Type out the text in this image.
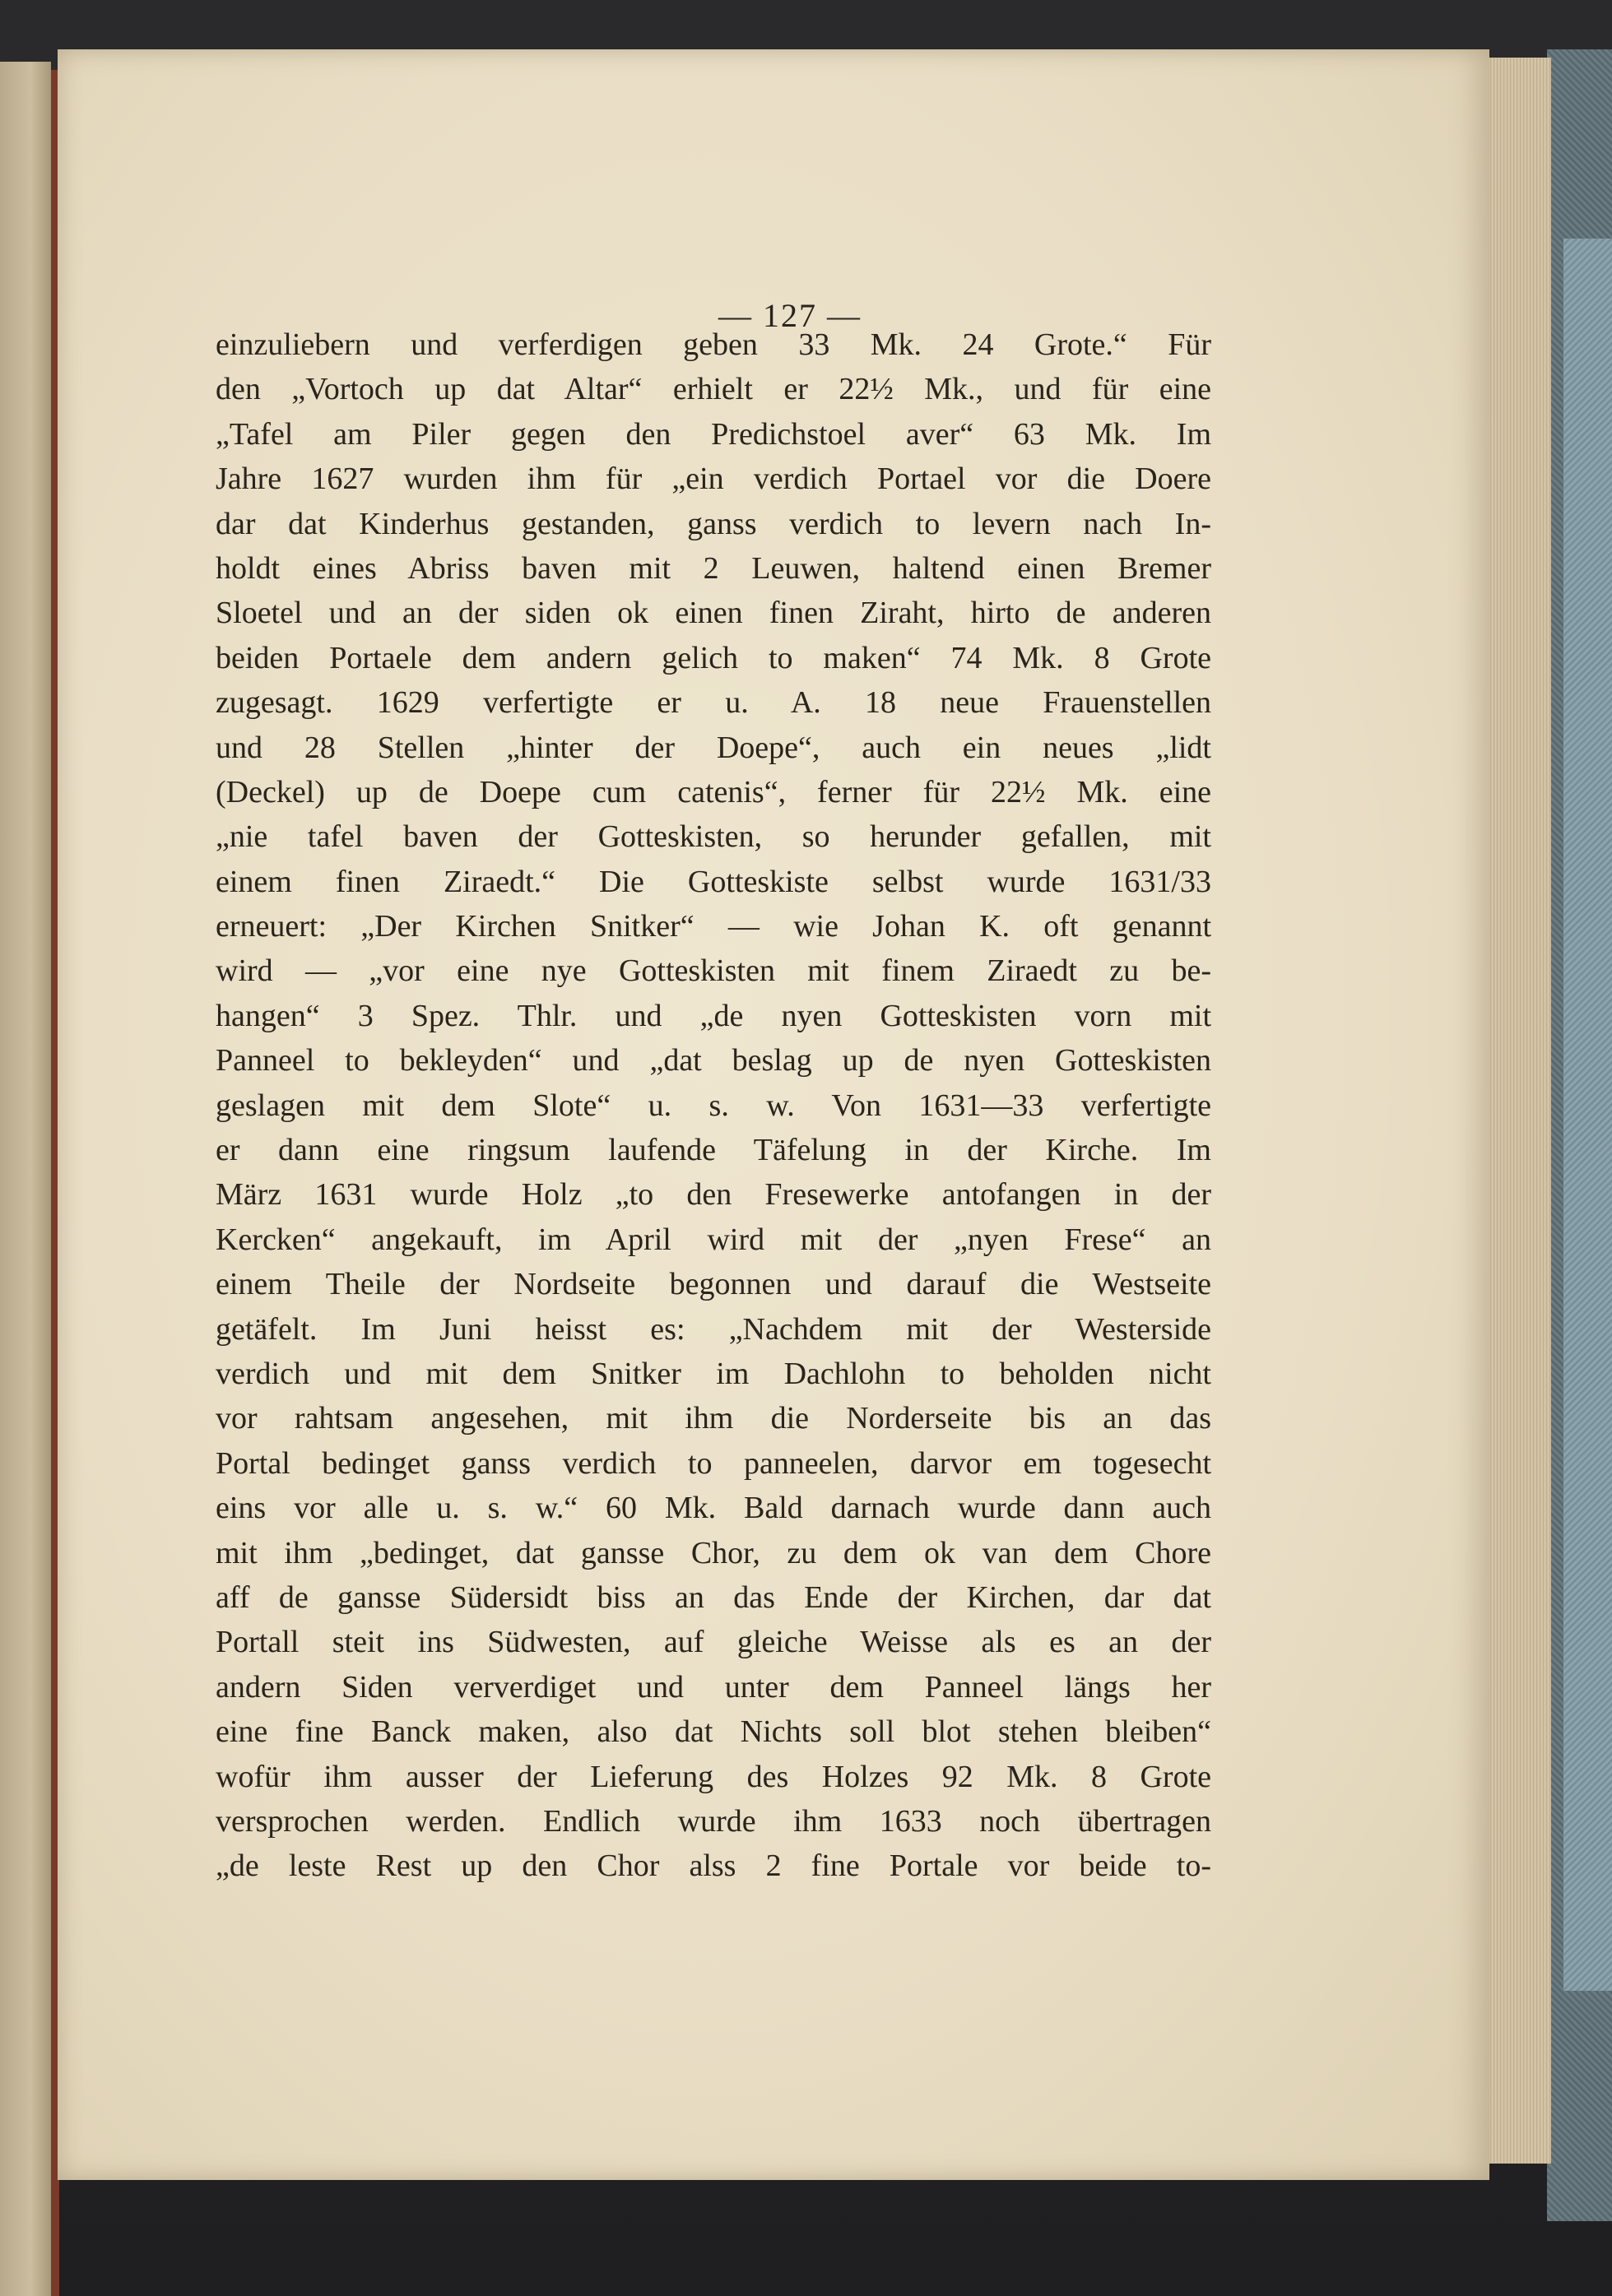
— 127 —
einzuliebern und verferdigen geben 33 Mk. 24 Grote.“ Für
den „Vortoch up dat Altar“ erhielt er 22½ Mk., und für eine
„Tafel am Piler gegen den Predichstoel aver“ 63 Mk. Im
Jahre 1627 wurden ihm für „ein verdich Portael vor die Doere
dar dat Kinderhus gestanden, ganss verdich to levern nach In-
holdt eines Abriss baven mit 2 Leuwen, haltend einen Bremer
Sloetel und an der siden ok einen finen Ziraht, hirto de anderen
beiden Portaele dem andern gelich to maken“ 74 Mk. 8 Grote
zugesagt. 1629 verfertigte er u. A. 18 neue Frauenstellen
und 28 Stellen „hinter der Doepe“, auch ein neues „lidt
(Deckel) up de Doepe cum catenis“, ferner für 22½ Mk. eine
„nie tafel baven der Gotteskisten, so herunder gefallen, mit
einem finen Ziraedt.“ Die Gotteskiste selbst wurde 1631/33
erneuert: „Der Kirchen Snitker“ — wie Johan K. oft genannt
wird — „vor eine nye Gotteskisten mit finem Ziraedt zu be-
hangen“ 3 Spez. Thlr. und „de nyen Gotteskisten vorn mit
Panneel to bekleyden“ und „dat beslag up de nyen Gotteskisten
geslagen mit dem Slote“ u. s. w. Von 1631—33 verfertigte
er dann eine ringsum laufende Täfelung in der Kirche. Im
März 1631 wurde Holz „to den Fresewerke antofangen in der
Kercken“ angekauft, im April wird mit der „nyen Frese“ an
einem Theile der Nordseite begonnen und darauf die Westseite
getäfelt. Im Juni heisst es: „Nachdem mit der Westerside
verdich und mit dem Snitker im Dachlohn to beholden nicht
vor rahtsam angesehen, mit ihm die Norderseite bis an das
Portal bedinget ganss verdich to panneelen, darvor em togesecht
eins vor alle u. s. w.“ 60 Mk. Bald darnach wurde dann auch
mit ihm „bedinget, dat gansse Chor, zu dem ok van dem Chore
aff de gansse Südersidt biss an das Ende der Kirchen, dar dat
Portall steit ins Südwesten, auf gleiche Weisse als es an der
andern Siden ververdiget und unter dem Panneel längs her
eine fine Banck maken, also dat Nichts soll blot stehen bleiben“
wofür ihm ausser der Lieferung des Holzes 92 Mk. 8 Grote
versprochen werden. Endlich wurde ihm 1633 noch übertragen
„de leste Rest up den Chor alss 2 fine Portale vor beide to-
